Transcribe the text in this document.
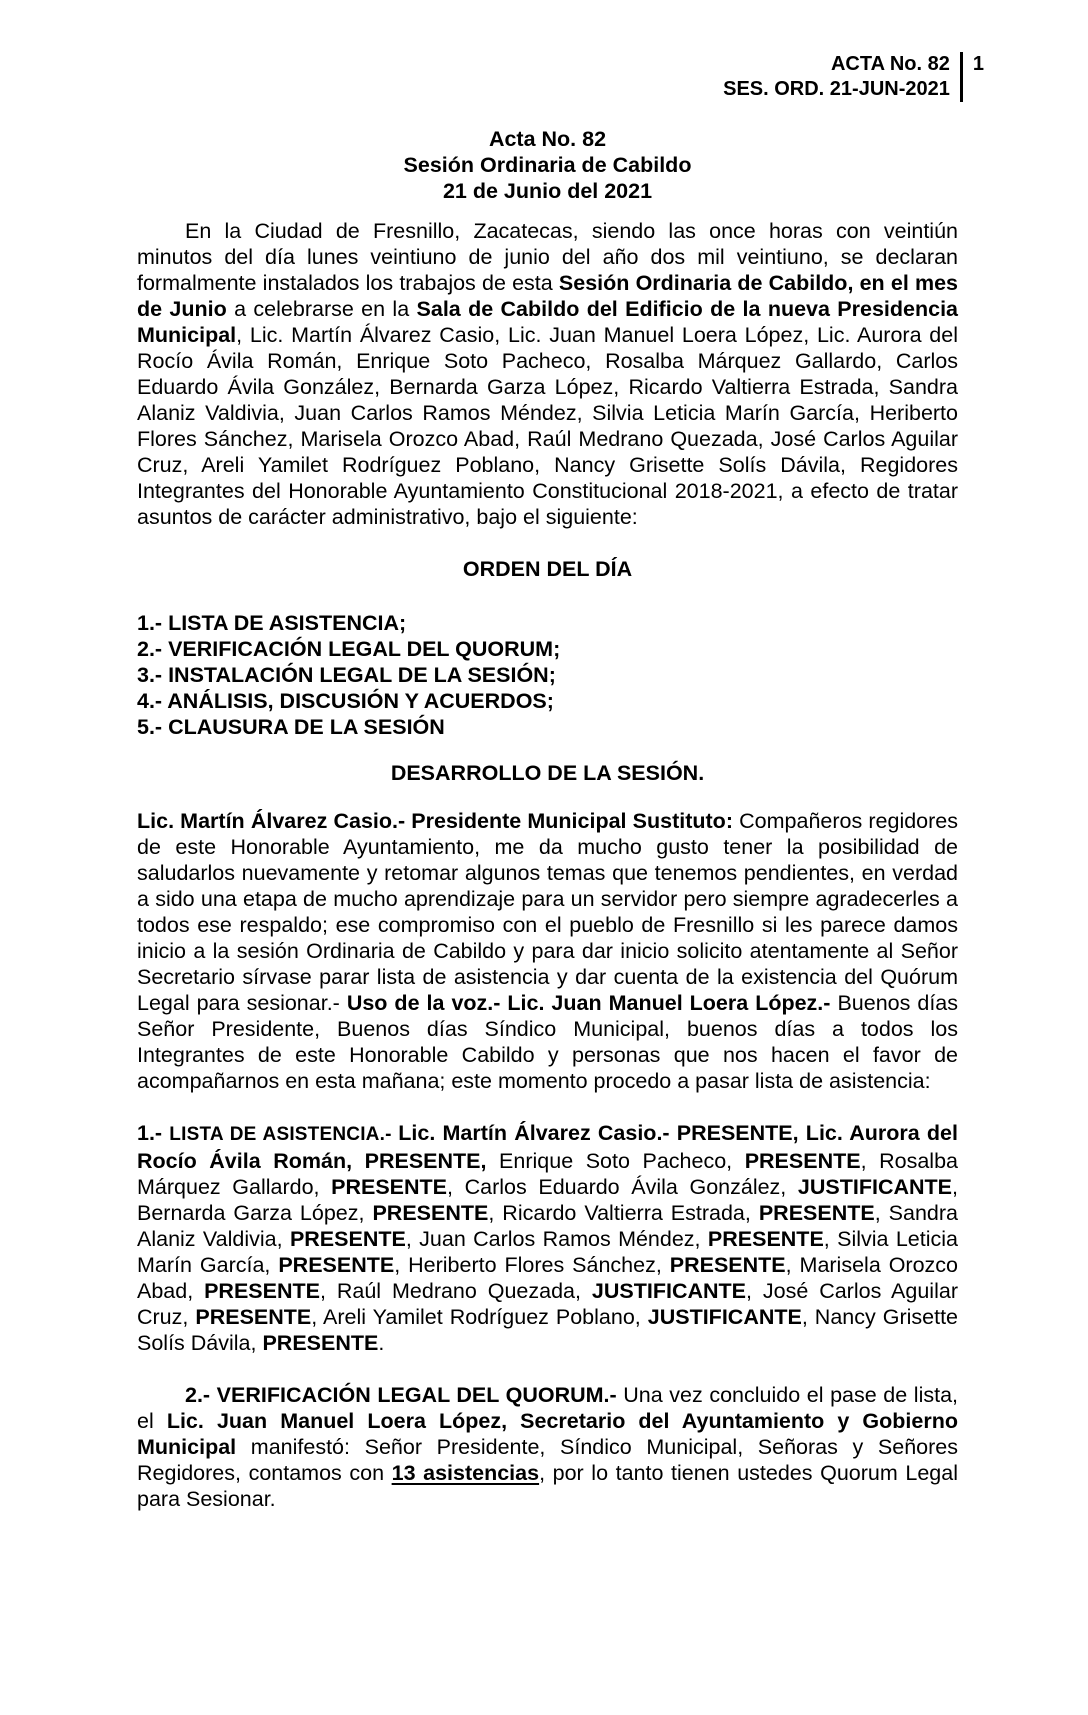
ACTA No. 82
SES. ORD. 21-JUN-2021
1
Acta No. 82
Sesión Ordinaria de Cabildo
21 de Junio del 2021

En la Ciudad de Fresnillo, Zacatecas, siendo las once horas con veintiún minutos del día lunes veintiuno de junio del año dos mil veintiuno, se declaran formalmente instalados los trabajos de esta Sesión Ordinaria de Cabildo, en el mes de Junio a celebrarse en la Sala de Cabildo del Edificio de la nueva Presidencia Municipal, Lic. Martín Álvarez Casio, Lic. Juan Manuel Loera López, Lic. Aurora del Rocío Ávila Román, Enrique Soto Pacheco, Rosalba Márquez Gallardo, Carlos Eduardo Ávila González, Bernarda Garza López, Ricardo Valtierra Estrada, Sandra Alaniz Valdivia, Juan Carlos Ramos Méndez, Silvia Leticia Marín García, Heriberto Flores Sánchez, Marisela Orozco Abad, Raúl Medrano Quezada, José Carlos Aguilar Cruz, Areli Yamilet Rodríguez Poblano, Nancy Grisette Solís Dávila, Regidores Integrantes del Honorable Ayuntamiento Constitucional 2018-2021, a efecto de tratar asuntos de carácter administrativo, bajo el siguiente:

ORDEN DEL DÍA
1.- LISTA DE ASISTENCIA;
2.- VERIFICACIÓN LEGAL DEL QUORUM;
3.- INSTALACIÓN LEGAL DE LA SESIÓN;
4.- ANÁLISIS, DISCUSIÓN Y ACUERDOS;
5.- CLAUSURA DE LA SESIÓN
DESARROLLO DE LA SESIÓN.

Lic. Martín Álvarez Casio.- Presidente Municipal Sustituto: Compañeros regidores de este Honorable Ayuntamiento, me da mucho gusto tener la posibilidad de saludarlos nuevamente y retomar algunos temas que tenemos pendientes, en verdad a sido una etapa de mucho aprendizaje para un servidor pero siempre agradecerles a todos ese respaldo; ese compromiso con el pueblo de Fresnillo si les parece damos inicio a la sesión Ordinaria de Cabildo y para dar inicio solicito atentamente al Señor Secretario sírvase parar lista de asistencia y dar cuenta de la existencia del Quórum Legal para sesionar.- Uso de la voz.- Lic. Juan Manuel Loera López.- Buenos días Señor Presidente, Buenos días Síndico Municipal, buenos días a todos los Integrantes de este Honorable Cabildo y personas que nos hacen el favor de acompañarnos en esta mañana; este momento procedo a pasar lista de asistencia:

1.- LISTA DE ASISTENCIA.- Lic. Martín Álvarez Casio.- PRESENTE, Lic. Aurora del Rocío Ávila Román, PRESENTE, Enrique Soto Pacheco, PRESENTE, Rosalba Márquez Gallardo, PRESENTE, Carlos Eduardo Ávila González, JUSTIFICANTE, Bernarda Garza López, PRESENTE, Ricardo Valtierra Estrada, PRESENTE, Sandra Alaniz Valdivia, PRESENTE, Juan Carlos Ramos Méndez, PRESENTE, Silvia Leticia Marín García, PRESENTE, Heriberto Flores Sánchez, PRESENTE, Marisela Orozco Abad, PRESENTE, Raúl Medrano Quezada, JUSTIFICANTE, José Carlos Aguilar Cruz, PRESENTE, Areli Yamilet Rodríguez Poblano, JUSTIFICANTE, Nancy Grisette Solís Dávila, PRESENTE.

2.- VERIFICACIÓN LEGAL DEL QUORUM.- Una vez concluido el pase de lista, el Lic. Juan Manuel Loera López, Secretario del Ayuntamiento y Gobierno Municipal manifestó: Señor Presidente, Síndico Municipal, Señoras y Señores Regidores, contamos con 13 asistencias, por lo tanto tienen ustedes Quorum Legal para Sesionar.
